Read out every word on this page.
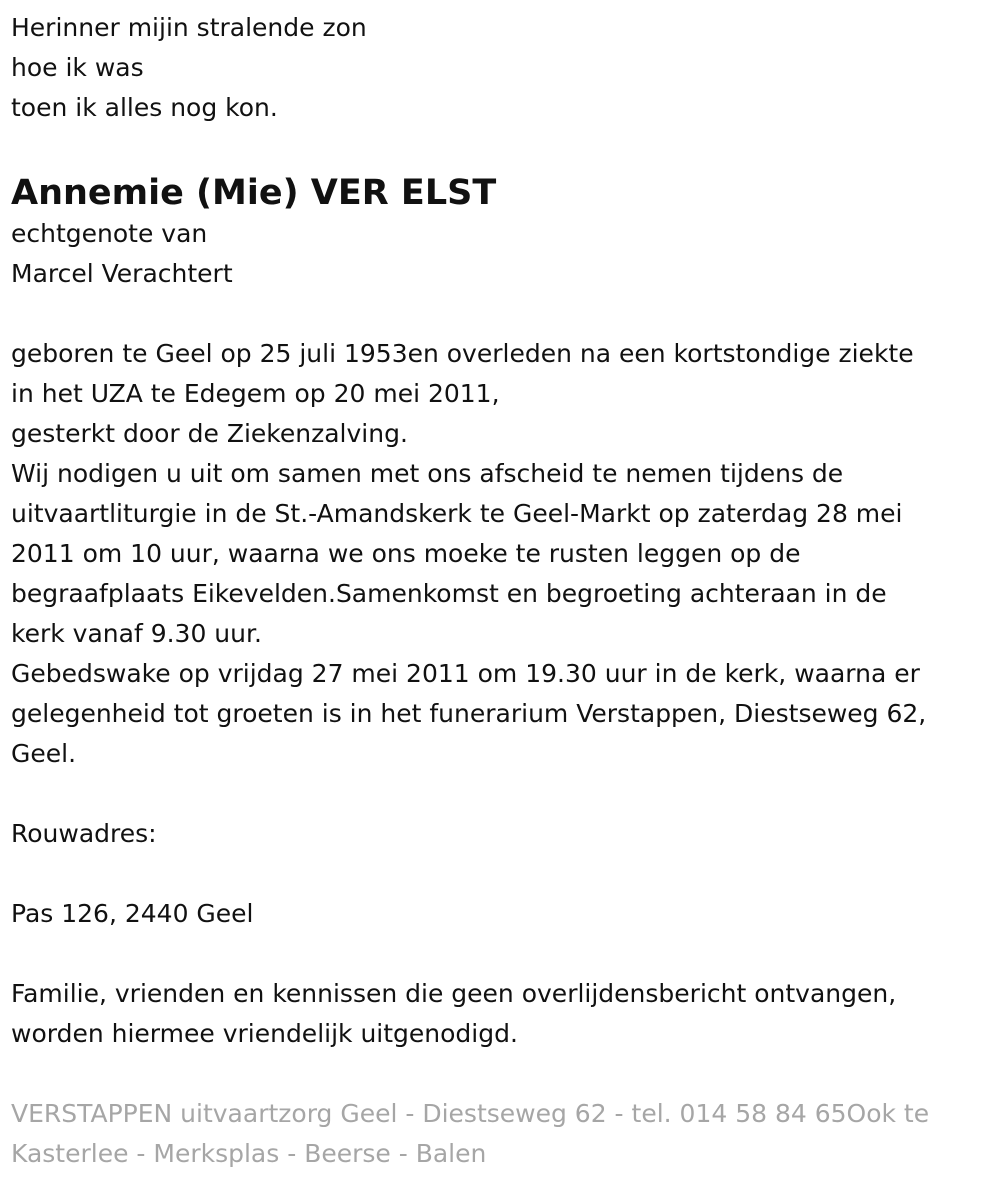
Herinner mijin stralende zon
hoe ik was
toen ik alles nog kon.
Annemie (Mie) VER ELST
echtgenote van
Marcel Verachtert
geboren te Geel op 25 juli 1953en overleden na een kortstondige ziekte
in het UZA te Edegem op 20 mei 2011,
gesterkt door de Ziekenzalving.
Wij nodigen u uit om samen met ons afscheid te nemen tijdens de
uitvaartliturgie in de St.-Amandskerk te Geel-Markt op zaterdag 28 mei
2011 om 10 uur, waarna we ons moeke te rusten leggen op de
begraafplaats Eikevelden.Samenkomst en begroeting achteraan in de
kerk vanaf 9.30 uur.
Gebedswake op vrijdag 27 mei 2011 om 19.30 uur in de kerk, waarna er
gelegenheid tot groeten is in het funerarium Verstappen, Diestseweg 62,
Geel.
Rouwadres:
Pas 126, 2440 Geel
Familie, vrienden en kennissen die geen overlijdensbericht ontvangen,
worden hiermee vriendelijk uitgenodigd.
VERSTAPPEN uitvaartzorg Geel - Diestseweg 62 - tel. 014 58 84 65Ook te
Kasterlee - Merksplas - Beerse - Balen
